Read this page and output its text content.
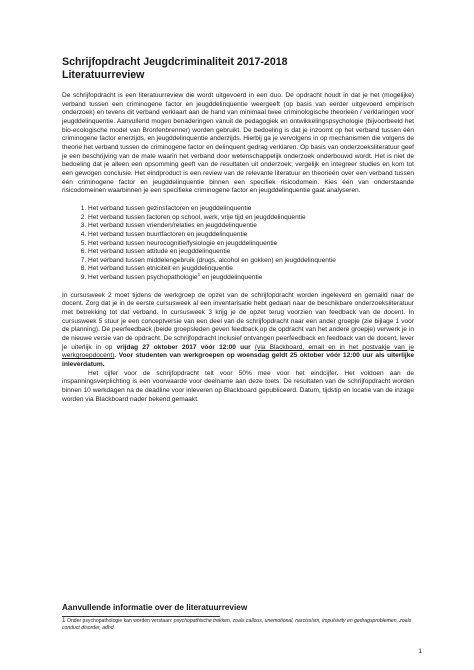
Schrijfopdracht Jeugdcriminaliteit 2017-2018
Literatuurreview

De schrijfopdracht is een literatuurreview die wordt uitgevoerd in een duo. De opdracht houdt in dat je het (mogelijke) verband tussen een criminogene factor en jeugddelinquentie weergeeft (op basis van eerder uitgevoerd empirisch onderzoek) en tevens dit verband verklaart aan de hand van minimaal twee criminologische theorieën / verklaringen voor jeugddelinquentie. Aanvullend mogen benaderingen vanuit de pedagogiek en ontwikkelingspsychologie (bijvoorbeeld het bio-ecologische model van Bronfenbrenner) worden gebruikt. De bedoeling is dat je inzoomt op het verband tussen één criminogene factor enerzijds, en jeugddelinquentie anderzijds. Hierbij ga je vervolgens in op mechanismen die volgens de theorie het verband tussen de criminogene factor en delinquent gedrag verklaren. Op basis van onderzoeksliteratuur geef je een beschrijving van de mate waarin het verband door wetenschappelijk onderzoek onderbouwd wordt. Het is niet de bedoeling dat je alleen een opsomming geeft van de resultaten uit onderzoek; vergelijk en integreer studies en kom tot een gewogen conclusie. Het eindproduct is een review van de relevante literatuur en theorieën over een verband tussen één criminogene factor en jeugddelinquentie binnen een specifiek risicodomein. Kies één van onderstaande risicodomeinen waarbinnen je een specifieke criminogene factor en jeugddelinquentie gaat analyseren.

1. Het verband tussen gezinsfactoren en jeugddelinquentie
2. Het verband tussen factoren op school, werk, vrije tijd en jeugddelinquentie
3. Het verband tussen vrienden/relaties en jeugddelinquentie
4. Het verband tussen buurtfactoren en jeugddelinquentie
5. Het verband tussen neurocognitie/fysiologie en jeugddelinquentie
6. Het verband tussen attitude en jeugddelinquentie
7. Het verband tussen middelengebruik (drugs, alcohol en gokken) en jeugddelinquentie
8. Het verband tussen etniciteit en jeugddelinquentie
9. Het verband tussen psychopathologie$^1$ en jeugddelinquentie

In cursusweek 2 moet tijdens de werkgroep de opzet van de schrijfopdracht worden ingeleverd en gemaild naar de docent. Zorg dat je in de eerste cursusweek al een inventarisatie hebt gedaan naar de beschikbare onderzoeksliteratuur met betrekking tot dat verband. In cursusweek 3 krijg je de opzet terug voorzien van feedback van de docent. In cursusweek 5 stuur je een conceptversie van een deel van de schrijfopdracht naar een ander groepje (zie bijlage 1 voor de planning). De peerfeedback (beide groepsleden geven feedback op de opdracht van het andere groepje) verwerk je in de nieuwe versie van de opdracht. De schrijfopdracht inclusief ontvangen peerfeedback en feedback van de docent, lever je uiterlijk in op vrijdag 27 oktober 2017 vóór 12:00 uur (via Blackboard, email en in het postvakje van je werkgroepdocent). Voor studenten van werkgroepen op woensdag geldt 25 oktober vóór 12:00 uur als uiterlijke inleverdatum.

Het cijfer voor de schrijfopdracht telt voor 50% mee voor het eindcijfer. Het voldoen aan de inspanningsverplichting is een voorwaarde voor deelname aan deze toets. De resultaten van de schrijfopdracht worden binnen 10 werkdagen na de deadline voor inleveren op Blackboard gepubliceerd. Datum, tijdstip en locatie van de inzage worden via Blackboard nader bekend gemaakt.

Aanvullende informatie over de literatuurreview
1 Onder psychopathologie kan worden verstaan: psychopathische trekken, zoals callous, unemotional, narcissism, impulsivity en gedragsproblemen, zoals conduct disorder, adhd.
1
